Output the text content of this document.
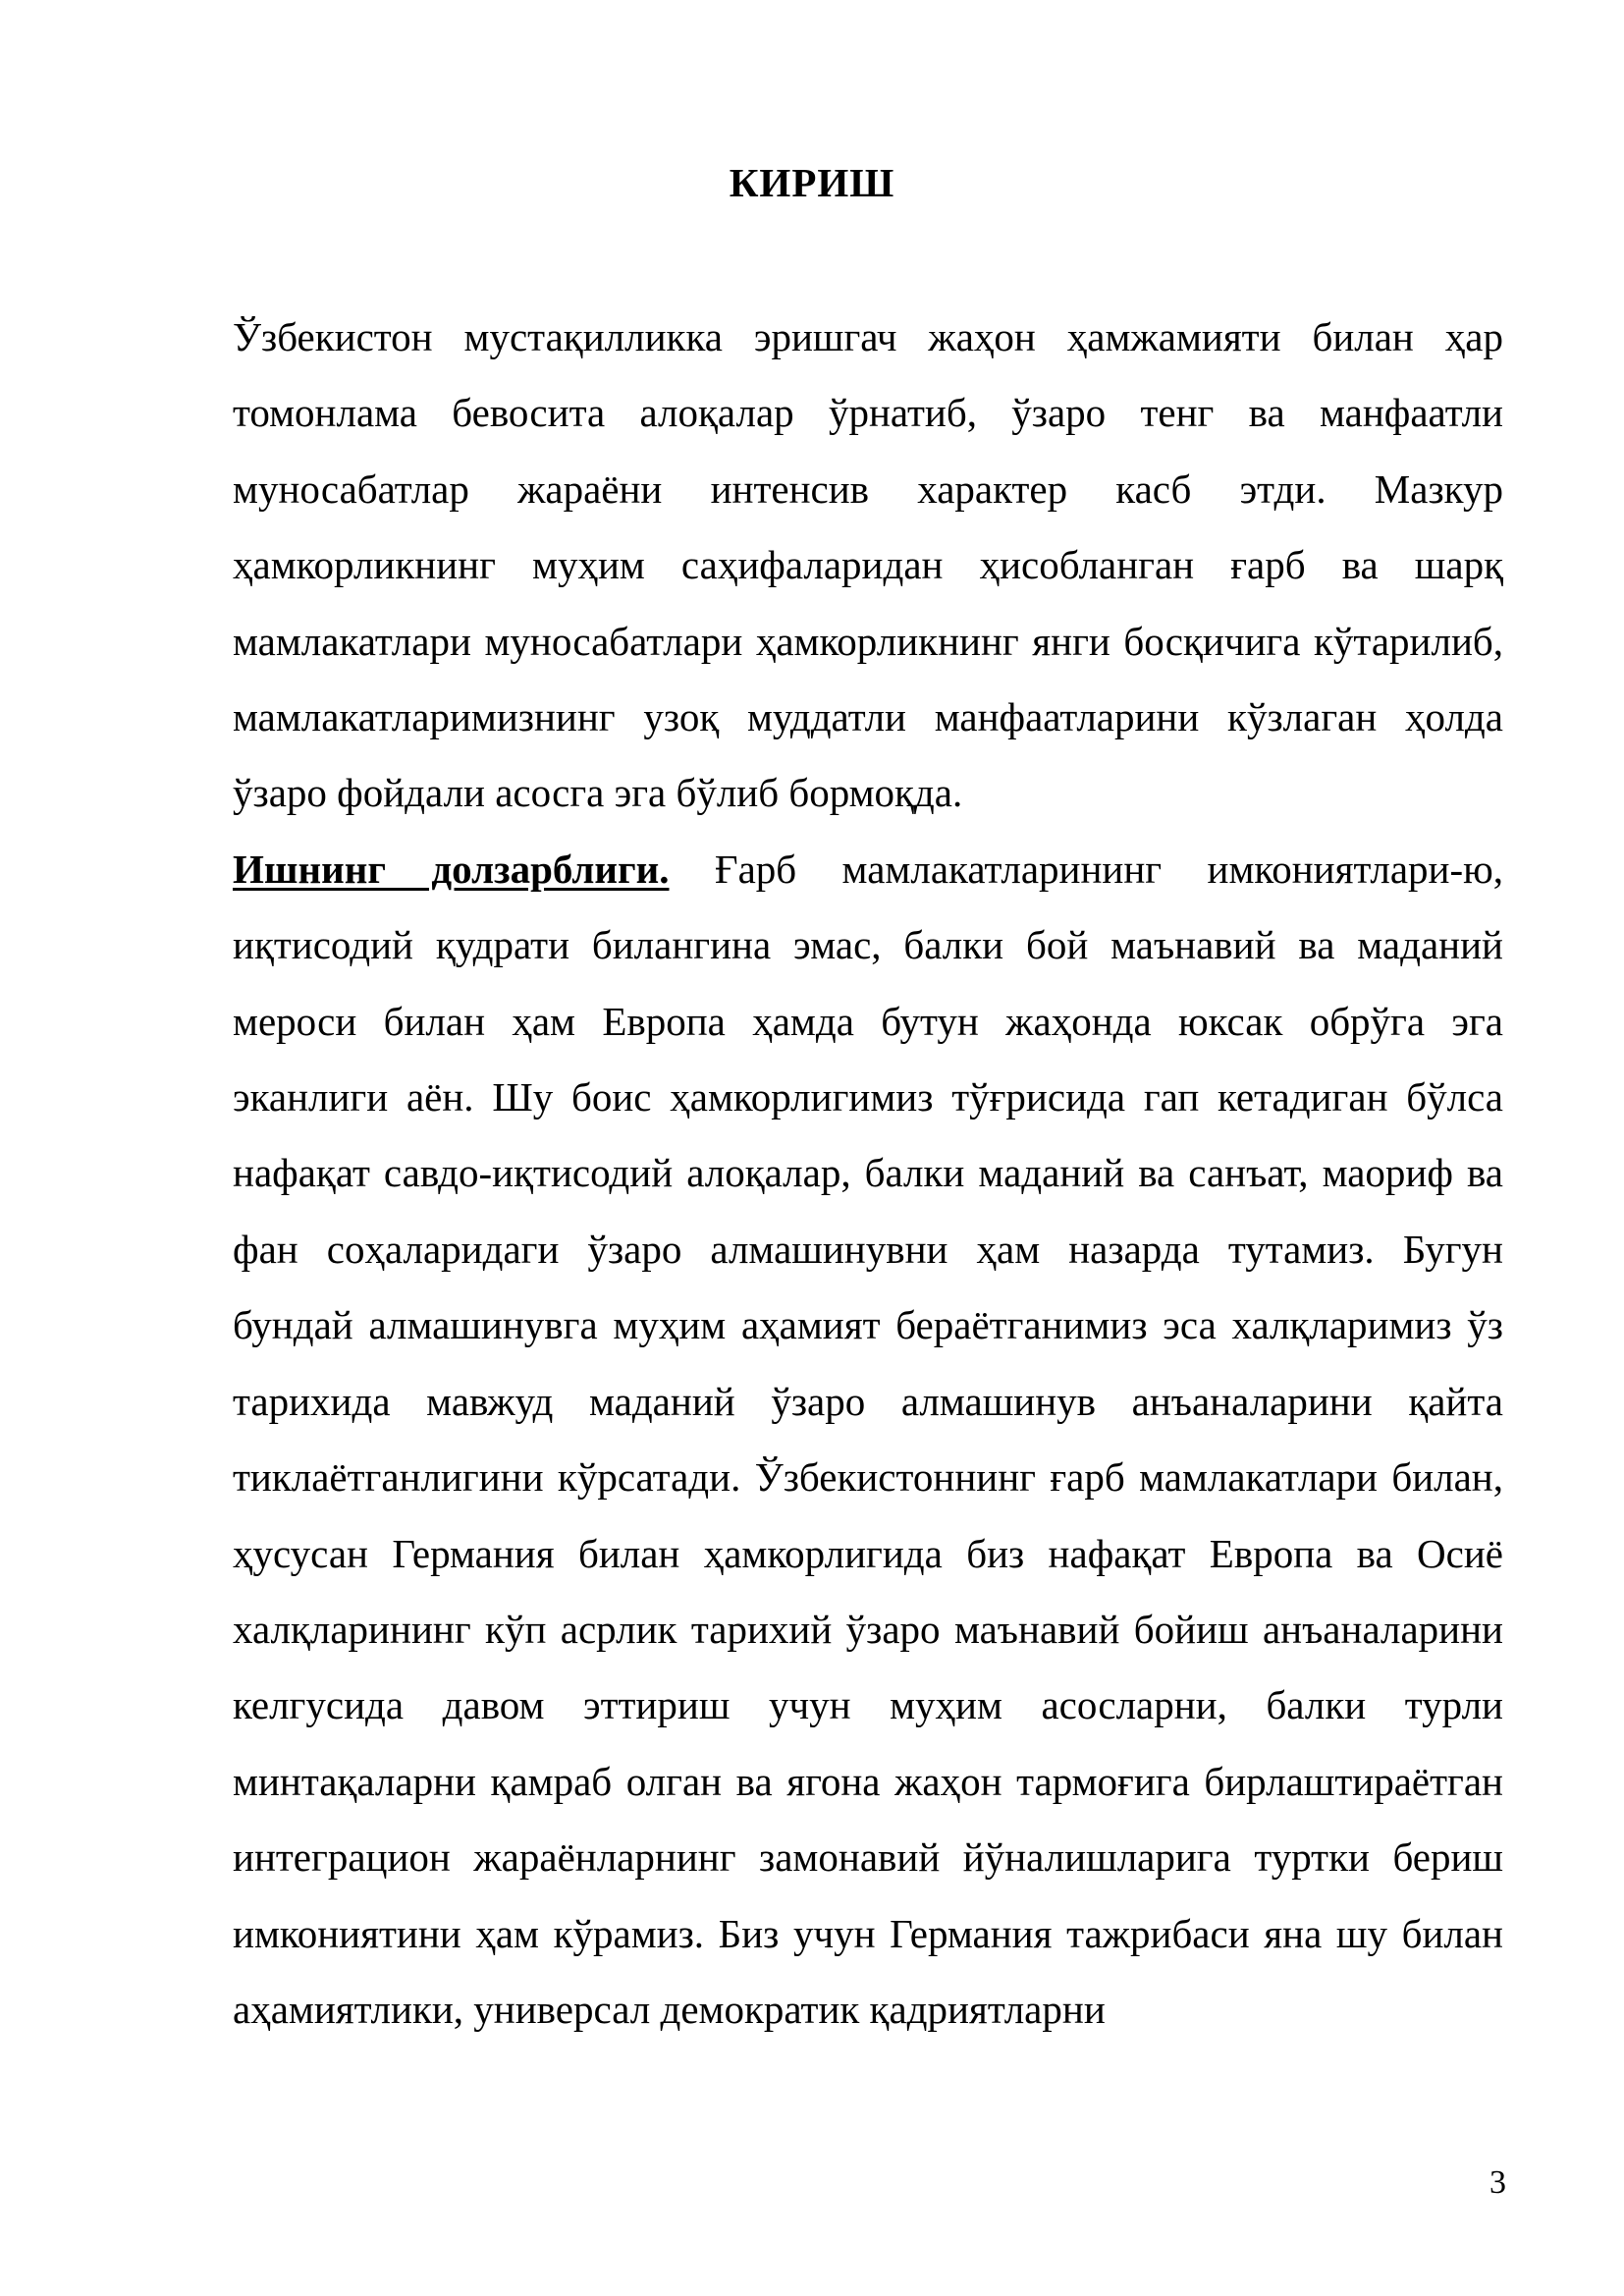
КИРИШ

Ўзбекистон мустақилликка эришгач жаҳон ҳамжамияти билан ҳар томонлама бевосита алоқалар ўрнатиб, ўзаро тенг ва манфаатли муносабатлар жараёни интенсив характер касб этди. Мазкур ҳамкорликнинг муҳим саҳифаларидан ҳисобланган ғарб ва шарқ мамлакатлари муносабатлари ҳамкорликнинг янги босқичига кўтарилиб, мамлакатларимизнинг узоқ муддатли манфаатларини кўзлаган ҳолда ўзаро фойдали асосга эга бўлиб бормоқда.

Ишнинг долзарблиги. Ғарб мамлакатларининг имкониятлари-ю, иқтисодий қудрати билангина эмас, балки бой маънавий ва маданий мероси билан ҳам Европа ҳамда бутун жаҳонда юксак обрўга эга эканлиги аён. Шу боис ҳамкорлигимиз тўғрисида гап кетадиган бўлса нафақат савдо-иқтисодий алоқалар, балки маданий ва санъат, маориф ва фан соҳаларидаги ўзаро алмашинувни ҳам назарда тутамиз. Бугун бундай алмашинувга муҳим аҳамият бераётганимиз эса халқларимиз ўз тарихида мавжуд маданий ўзаро алмашинув анъаналарини қайта тиклаётганлигини кўрсатади. Ўзбекистоннинг ғарб мамлакатлари билан, ҳусусан Германия билан ҳамкорлигида биз нафақат Европа ва Осиё халқларининг кўп асрлик тарихий ўзаро маънавий бойиш анъаналарини келгусида давом эттириш учун муҳим асосларни, балки турли минтақаларни қамраб олган ва ягона жаҳон тармоғига бирлаштираётган интеграцион жараёнларнинг замонавий йўналишларига туртки бериш имкониятини ҳам кўрамиз. Биз учун Германия тажрибаси яна шу билан аҳамиятлики, универсал демократик қадриятларни

3
